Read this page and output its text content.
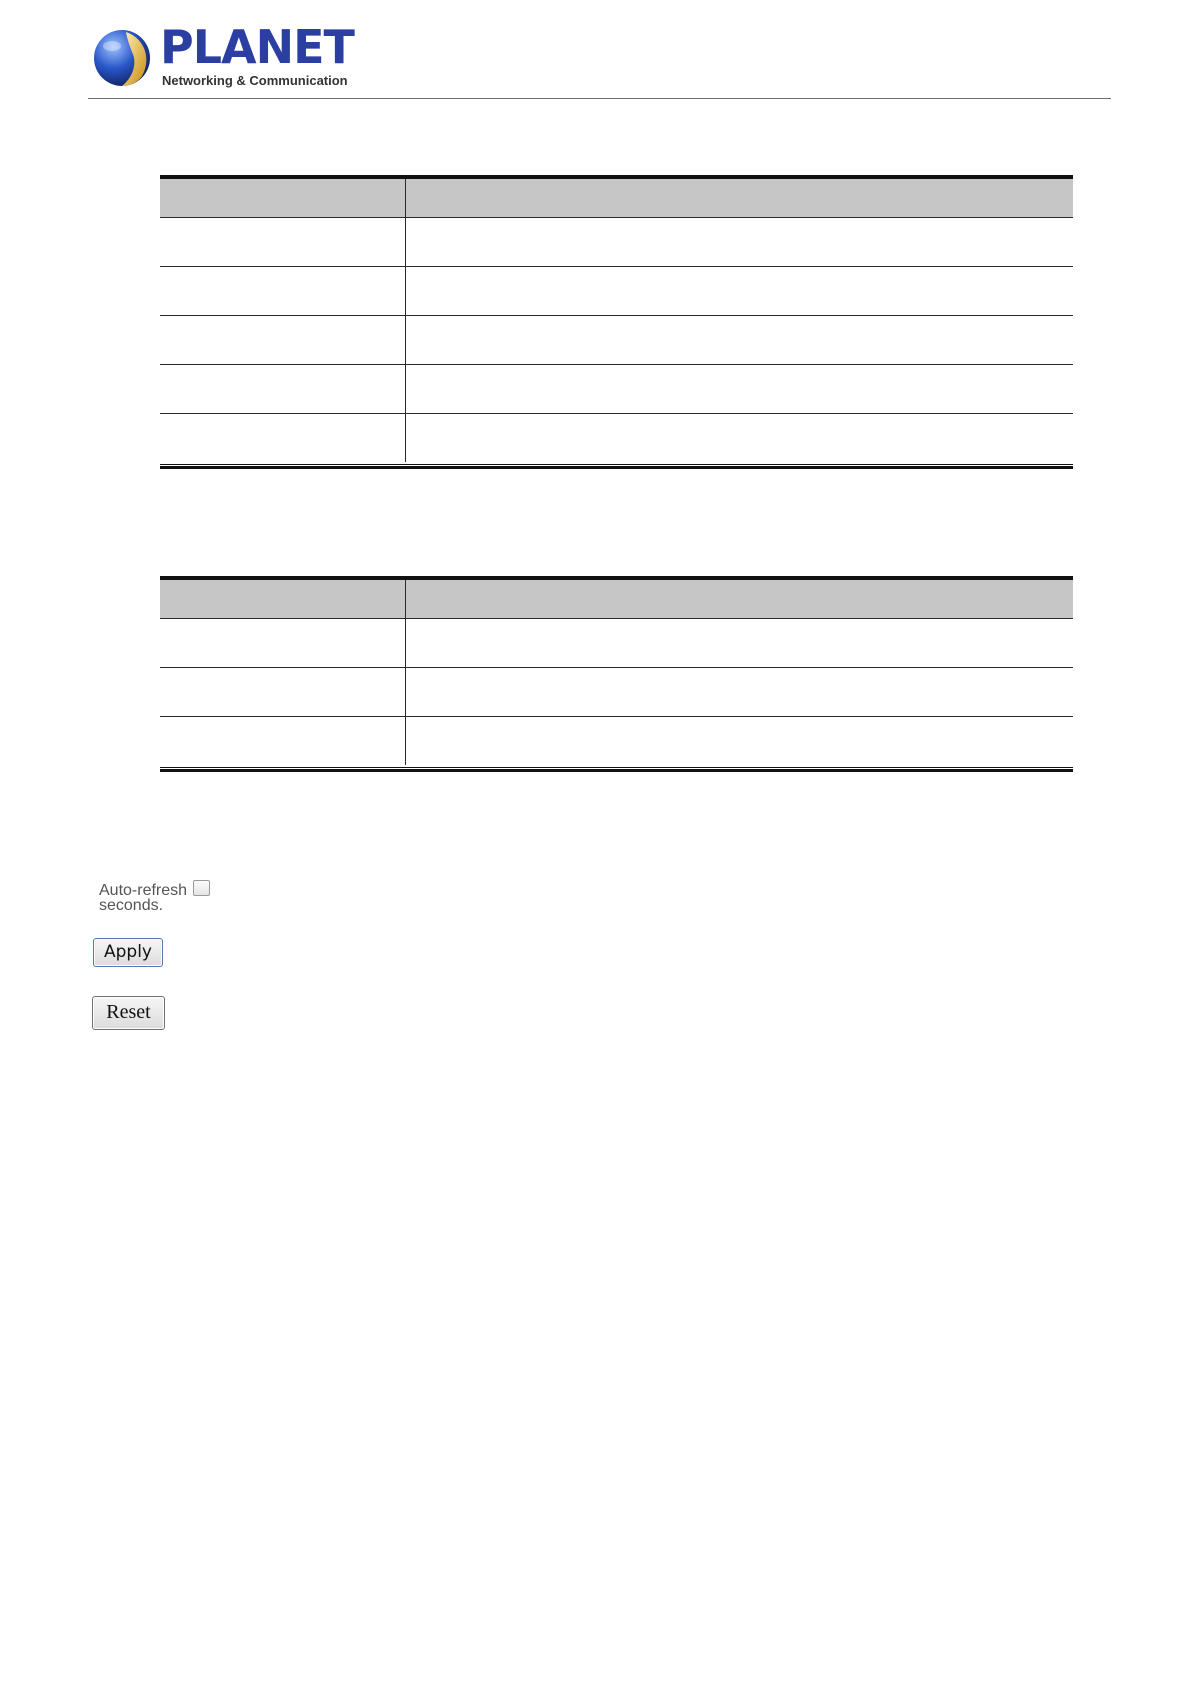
PLANET
Networking & Communication
Auto-refresh
seconds.
Apply
Reset
